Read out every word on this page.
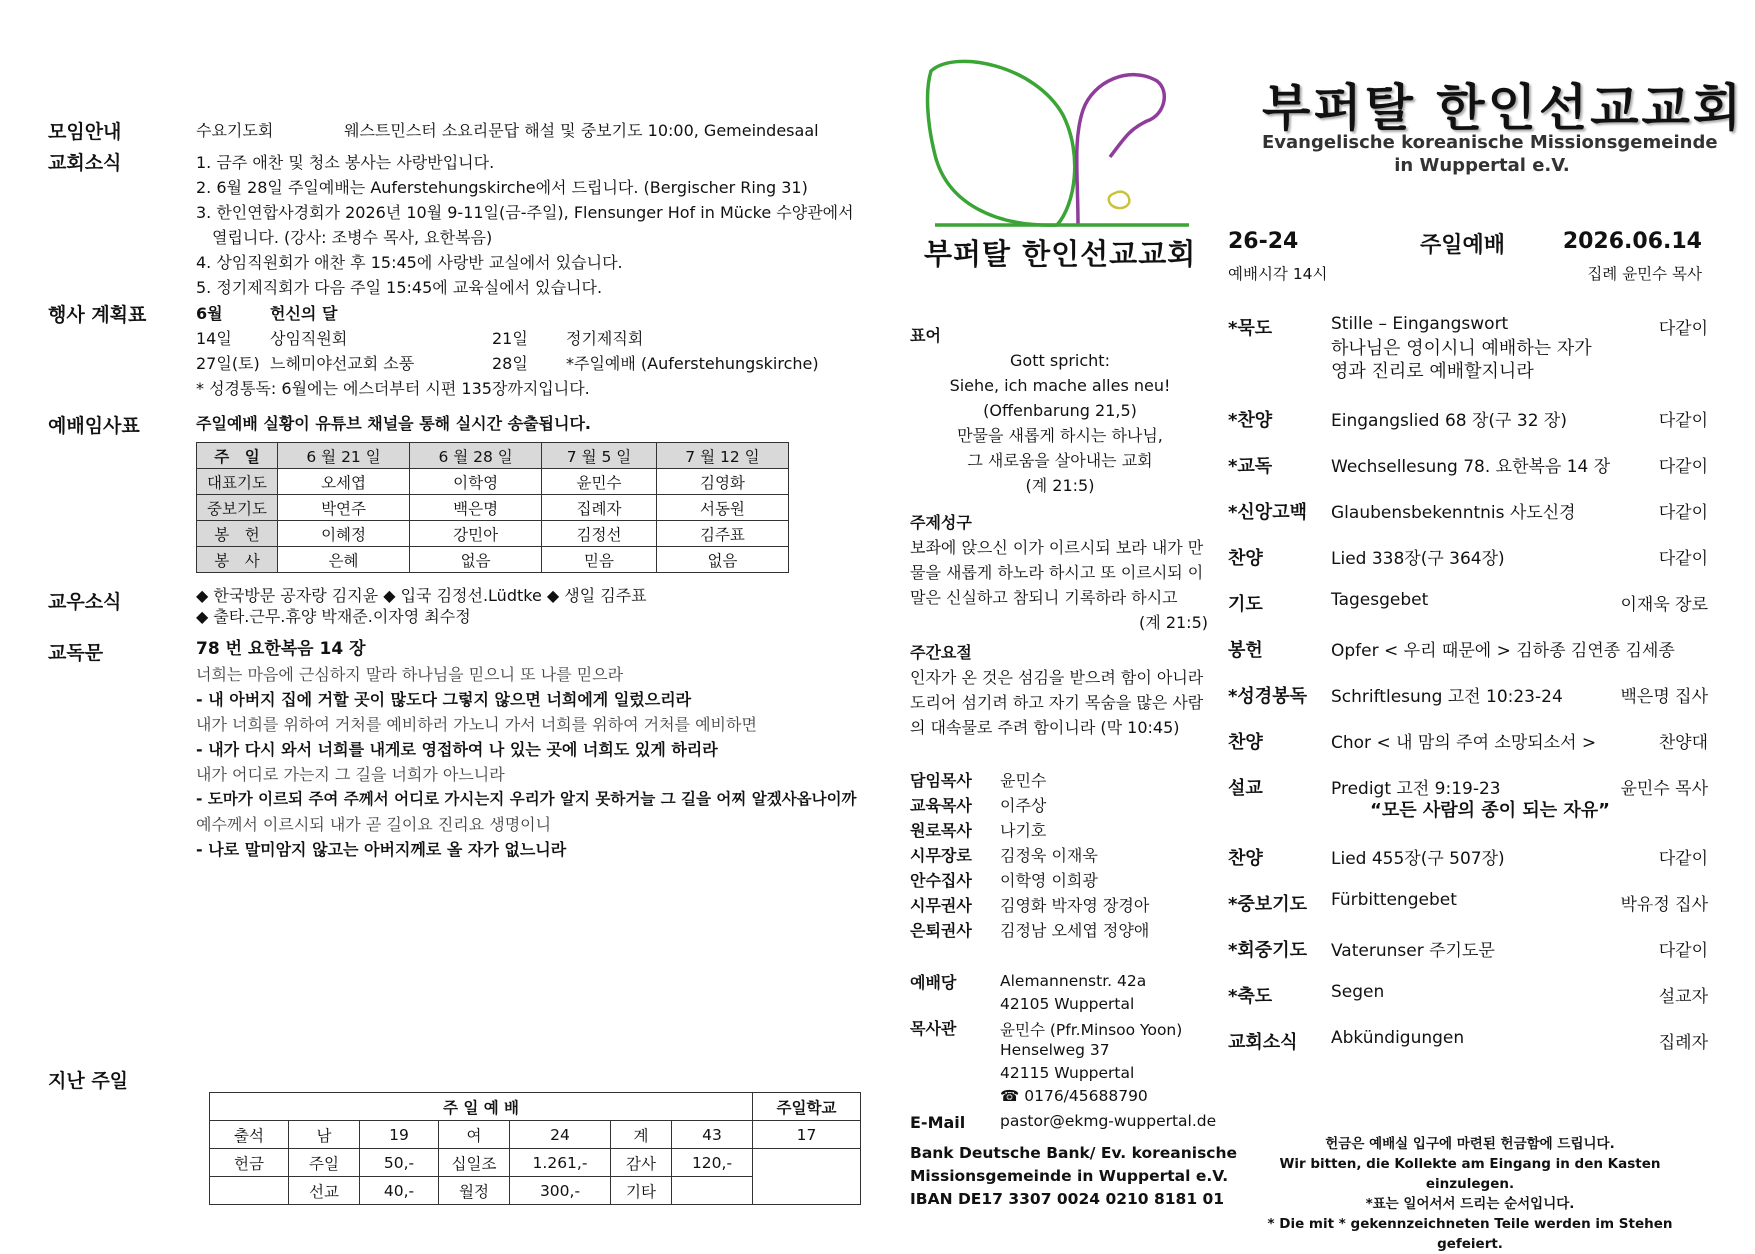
모임안내	수요기도회	웨스트민스터 소요리문답 해설 및 중보기도 10:00, Gemeindesaal
교회소식	1. 금주 애찬 및 청소 봉사는 사랑반입니다.
2. 6월 28일 주일예배는 Auferstehungskirche에서 드립니다. (Bergischer Ring 31)
3. 한인연합사경회가 2026년 10월 9-11일(금-주일), Flensunger Hof in Mücke 수양관에서
열립니다. (강사: 조병수 목사, 요한복음)
4. 상임직원회가 애찬 후 15:45에 사랑반 교실에서 있습니다.
5. 정기제직회가 다음 주일 15:45에 교육실에서 있습니다.
행사 계획표	6월	헌신의 달
14일 상임직원회	21일 정기제직회
27일(토) 느헤미야선교회 소풍	28일 *주일예배 (Auferstehungskirche)
* 성경통독: 6월에는 에스더부터 시편 135장까지입니다.
예배임사표	주일예배 실황이 유튜브 채널을 통해 실시간 송출됩니다.
주　일	6 월 21 일	6 월 28 일	7 월 5 일	7 월 12 일
대표기도	오세엽	이학영	윤민수	김영화
중보기도	박연주	백은명	집례자	서동원
봉　헌	이혜정	강민아	김정선	김주표
봉　사	은혜	없음	믿음	없음
교우소식	◆ 한국방문 공자랑 김지윤 ◆ 입국 김정선.Lüdtke ◆ 생일 김주표
◆ 출타.근무.휴양 박재준.이자영 최수정
교독문	78 번 요한복음 14 장
너희는 마음에 근심하지 말라 하나님을 믿으니 또 나를 믿으라
- 내 아버지 집에 거할 곳이 많도다 그렇지 않으면 너희에게 일렀으리라
내가 너희를 위하여 거처를 예비하러 가노니 가서 너희를 위하여 거처를 예비하면
- 내가 다시 와서 너희를 내게로 영접하여 나 있는 곳에 너희도 있게 하리라
내가 어디로 가는지 그 길을 너희가 아느니라
- 도마가 이르되 주여 주께서 어디로 가시는지 우리가 알지 못하거늘 그 길을 어찌 알겠사옵나이까
예수께서 이르시되 내가 곧 길이요 진리요 생명이니
- 나로 말미암지 않고는 아버지께로 올 자가 없느니라
지난 주일
주 일 예 배							주일학교
출석	남	19	여	24	계	43	17
헌금	주일	50,-	십일조	1.261,-	감사	120,-	
	선교	40,-	월정	300,-	기타		
부퍼탈 한인선교교회
표어
Gott spricht:
Siehe, ich mache alles neu!
(Offenbarung 21,5)
만물을 새롭게 하시는 하나님,
그 새로움을 살아내는 교회
(계 21:5)
주제성구
보좌에 앉으신 이가 이르시되 보라 내가 만
물을 새롭게 하노라 하시고 또 이르시되 이
말은 신실하고 참되니 기록하라 하시고
(계 21:5)
주간요절
인자가 온 것은 섬김을 받으려 함이 아니라
도리어 섬기려 하고 자기 목숨을 많은 사람
의 대속물로 주려 함이니라 (막 10:45)
담임목사 윤민수
교육목사 이주상
원로목사 나기호
시무장로 김정욱 이재욱
안수집사 이학영 이희광
시무권사 김영화 박자영 장경아
은퇴권사 김정남 오세엽 정양애
예배당	Alemannenstr. 42a
42105 Wuppertal
목사관	윤민수 (Pfr.Minsoo Yoon)
Henselweg 37
42115 Wuppertal
☎ 0176/45688790
E-Mail pastor@ekmg-wuppertal.de
Bank Deutsche Bank/ Ev. koreanische
Missionsgemeinde in Wuppertal e.V.
IBAN DE17 3307 0024 0210 8181 01
부퍼탈 한인선교교회
Evangelische koreanische Missionsgemeinde
in Wuppertal e.V.
26-24	주일예배	2026.06.14
예배시각 14시	집례 윤민수 목사
*묵도	Stille – Eingangswort	다같이
하나님은 영이시니 예배하는 자가
영과 진리로 예배할지니라
*찬양	Eingangslied 68 장(구 32 장)	다같이
*교독	Wechsellesung 78. 요한복음 14 장	다같이
*신앙고백 Glaubensbekenntnis 사도신경	다같이
찬양	Lied 338장(구 364장)	다같이
기도	Tagesgebet	이재욱 장로
봉헌	Opfer < 우리 때문에 > 김하종 김연종 김세종
*성경봉독 Schriftlesung 고전 10:23-24	백은명 집사
찬양	Chor < 내 맘의 주여 소망되소서 >	찬양대
설교	Predigt 고전 9:19-23	윤민수 목사
“모든 사람의 종이 되는 자유”
찬양	Lied 455장(구 507장)	다같이
*중보기도 Fürbittengebet	박유정 집사
*회중기도 Vaterunser 주기도문	다같이
*축도	Segen	설교자
교회소식 Abkündigungen	집례자
헌금은 예배실 입구에 마련된 헌금함에 드립니다.
Wir bitten, die Kollekte am Eingang in den Kasten einzulegen.
*표는 일어서서 드리는 순서입니다.
* Die mit * gekennzeichneten Teile werden im Stehen gefeiert.
